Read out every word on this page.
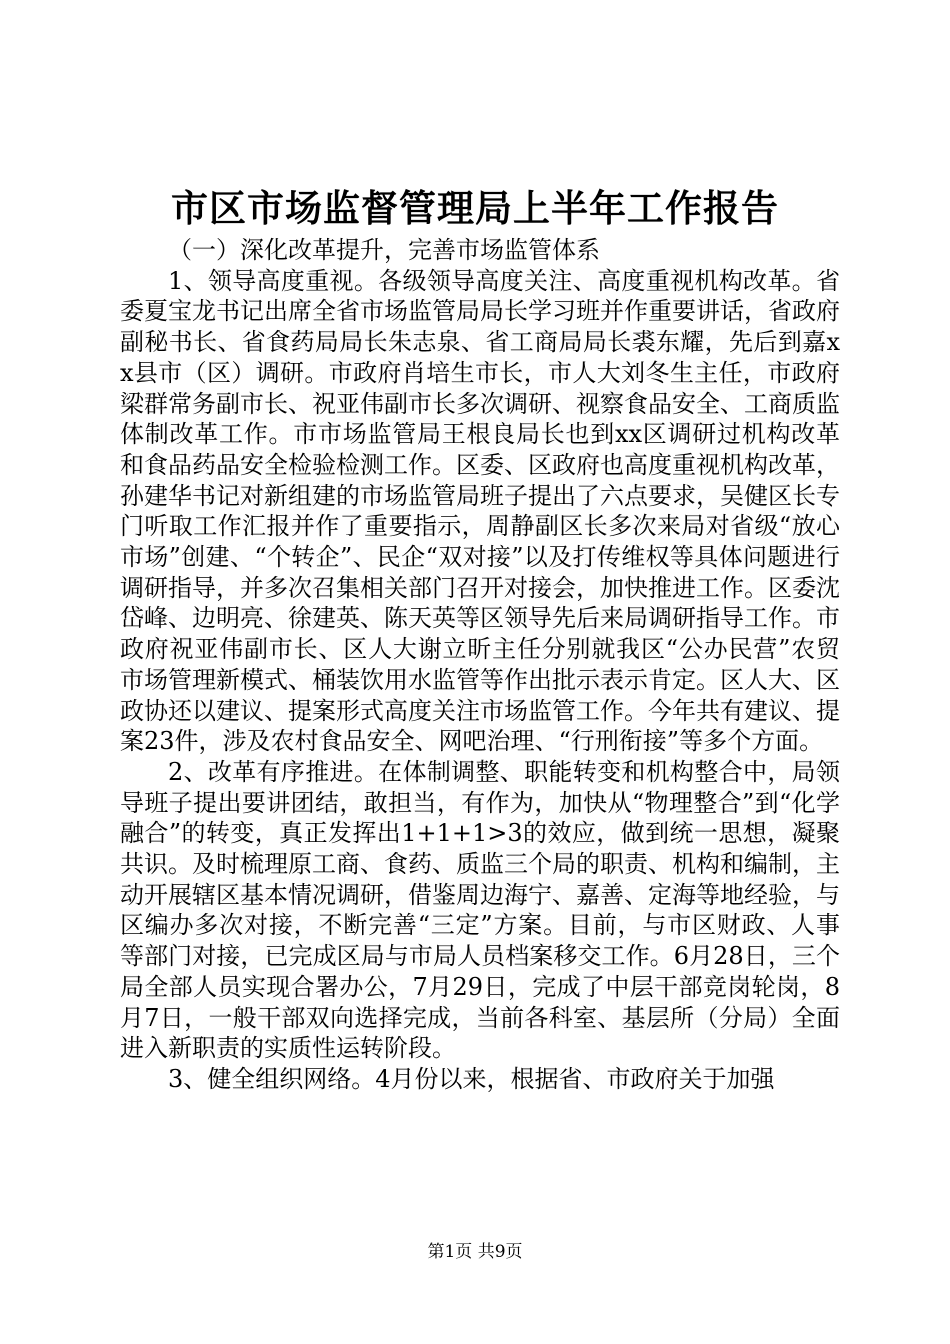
市区市场监督管理局上半年工作报告

（一）深化改革提升，完善市场监管体系

1、领导高度重视。各级领导高度关注、高度重视机构改革。省委夏宝龙书记出席全省市场监管局局长学习班并作重要讲话，省政府副秘书长、省食药局局长朱志泉、省工商局局长裘东耀，先后到嘉xx县市（区）调研。市政府肖培生市长，市人大刘冬生主任，市政府梁群常务副市长、祝亚伟副市长多次调研、视察食品安全、工商质监体制改革工作。市市场监管局王根良局长也到xx区调研过机构改革和食品药品安全检验检测工作。区委、区政府也高度重视机构改革，孙建华书记对新组建的市场监管局班子提出了六点要求，吴健区长专门听取工作汇报并作了重要指示，周静副区长多次来局对省级“放心市场”创建、“个转企”、民企“双对接”以及打传维权等具体问题进行调研指导，并多次召集相关部门召开对接会，加快推进工作。区委沈岱峰、边明亮、徐建英、陈天英等区领导先后来局调研指导工作。市政府祝亚伟副市长、区人大谢立昕主任分别就我区“公办民营”农贸市场管理新模式、桶装饮用水监管等作出批示表示肯定。区人大、区政协还以建议、提案形式高度关注市场监管工作。今年共有建议、提案23件，涉及农村食品安全、网吧治理、“行刑衔接”等多个方面。

2、改革有序推进。在体制调整、职能转变和机构整合中，局领导班子提出要讲团结，敢担当，有作为，加快从“物理整合”到“化学融合”的转变，真正发挥出1+1+1>3的效应，做到统一思想，凝聚共识。及时梳理原工商、食药、质监三个局的职责、机构和编制，主动开展辖区基本情况调研，借鉴周边海宁、嘉善、定海等地经验，与区编办多次对接，不断完善“三定”方案。目前，与市区财政、人事等部门对接，已完成区局与市局人员档案移交工作。6月28日，三个局全部人员实现合署办公，7月29日，完成了中层干部竞岗轮岗，8月7日，一般干部双向选择完成，当前各科室、基层所（分局）全面进入新职责的实质性运转阶段。

3、健全组织网络。4月份以来，根据省、市政府关于加强

第1页 共9页
